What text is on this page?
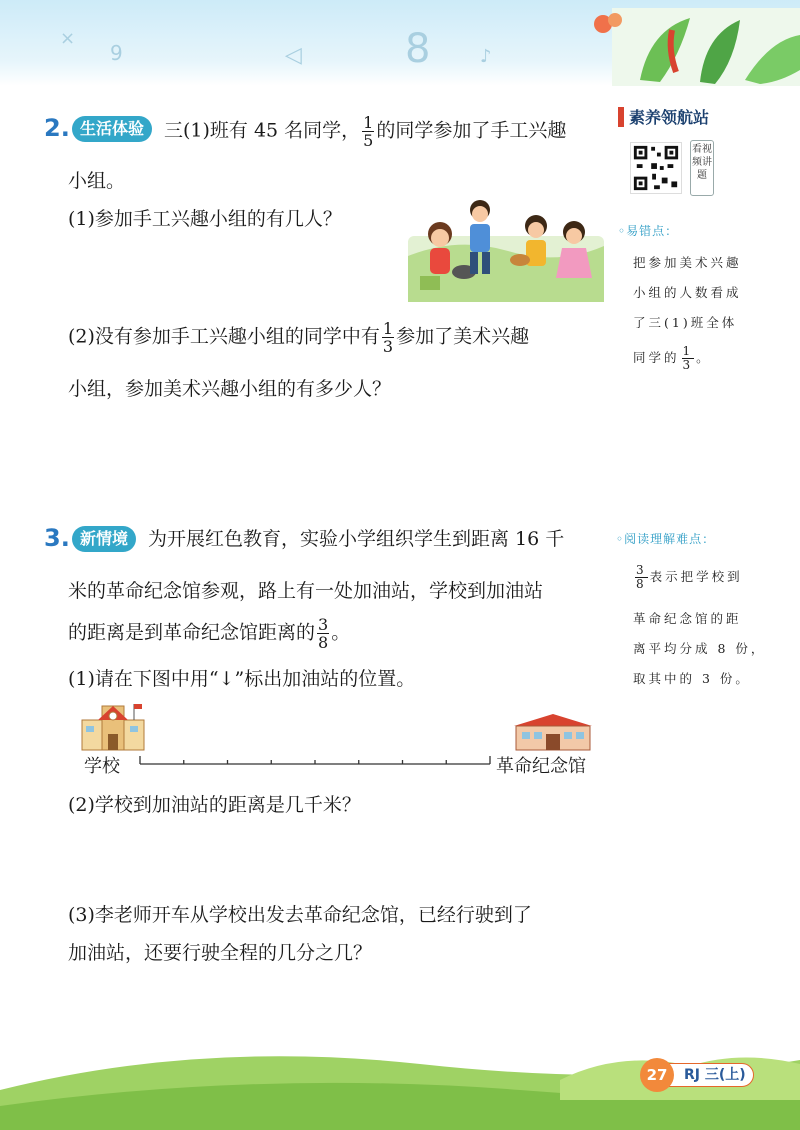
×
9	◁	8	♪
2. 生活体验	三(1)班有 45 名同学， $\frac{1}{5}$ 的同学参加了手工兴趣
小组。
(1)参加手工兴趣小组的有几人？
(2)没有参加手工兴趣小组的同学中有 $\frac{1}{3}$ 参加了美术兴趣
小组，参加美术兴趣小组的有多少人？
素养领航站
看视频讲题
◦易错点：
把参加美术兴趣
小组的人数看成
了三(1)班全体
同学的 $\frac{1}{3}$ 。
◦阅读理解难点：
$\frac{3}{8}$ 表示把学校到
革命纪念馆的距
离平均分成 8 份，
取其中的 3 份。
3. 新情境	为开展红色教育，实验小学组织学生到距离 16 千
米的革命纪念馆参观，路上有一处加油站，学校到加油站
的距离是到革命纪念馆距离的 $\frac{3}{8}$ 。
(1)请在下图中用“↓”标出加油站的位置。
学校	革命纪念馆
(2)学校到加油站的距离是几千米？
(3)李老师开车从学校出发去革命纪念馆，已经行驶到了
加油站，还要行驶全程的几分之几？
27	RJ 三(上)
